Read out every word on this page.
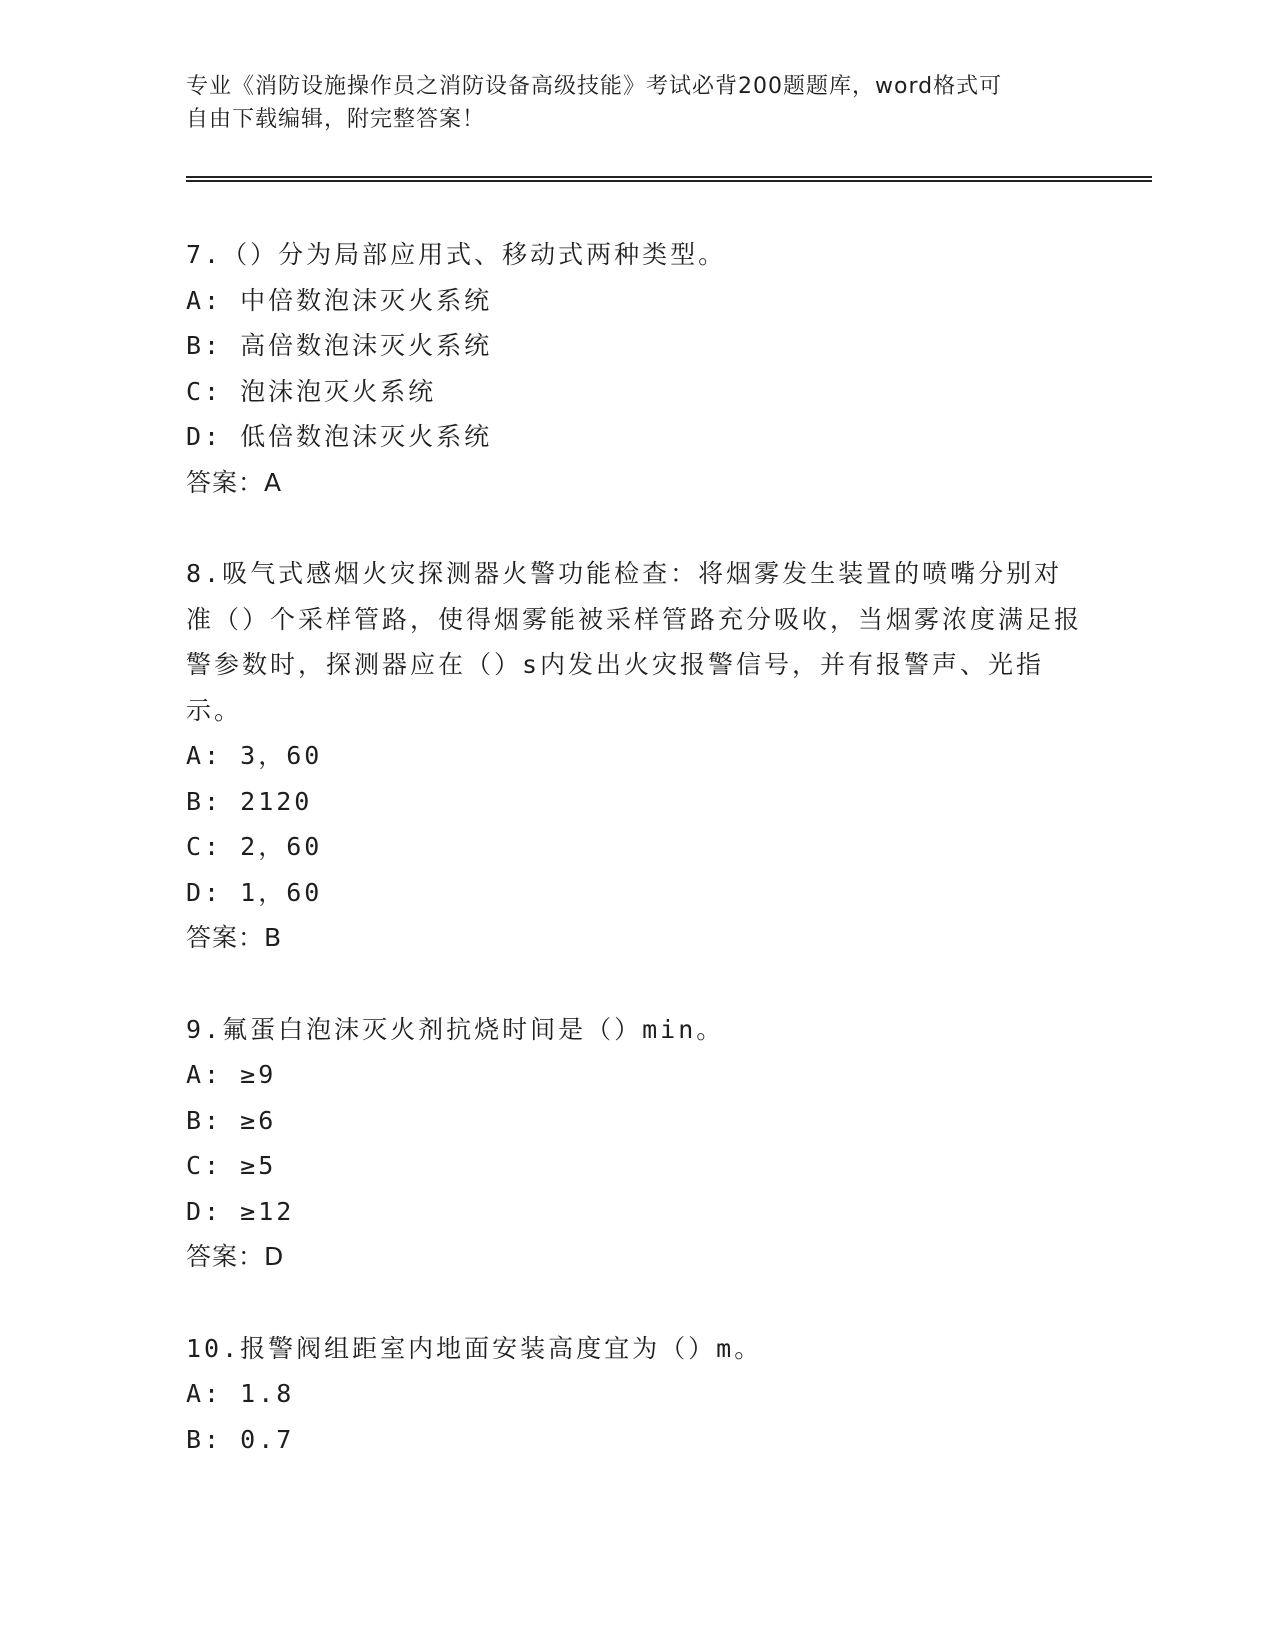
专业《消防设施操作员之消防设备高级技能》考试必背200题题库，word格式可
自由下载编辑，附完整答案！
7.（）分为局部应用式、移动式两种类型。
A: 中倍数泡沫灭火系统
B: 高倍数泡沫灭火系统
C: 泡沫泡灭火系统
D: 低倍数泡沫灭火系统
答案：A
8.吸气式感烟火灾探测器火警功能检查：将烟雾发生装置的喷嘴分别对准（）个采样管路，使得烟雾能被采样管路充分吸收，当烟雾浓度满足报警参数时，探测器应在（）s内发出火灾报警信号，并有报警声、光指示。
A: 3，60
B: 2120
C: 2，60
D: 1，60
答案：B
9.氟蛋白泡沫灭火剂抗烧时间是（）min。
A: ≥9
B: ≥6
C: ≥5
D: ≥12
答案：D
10.报警阀组距室内地面安装高度宜为（）m。
A: 1.8
B: 0.7
